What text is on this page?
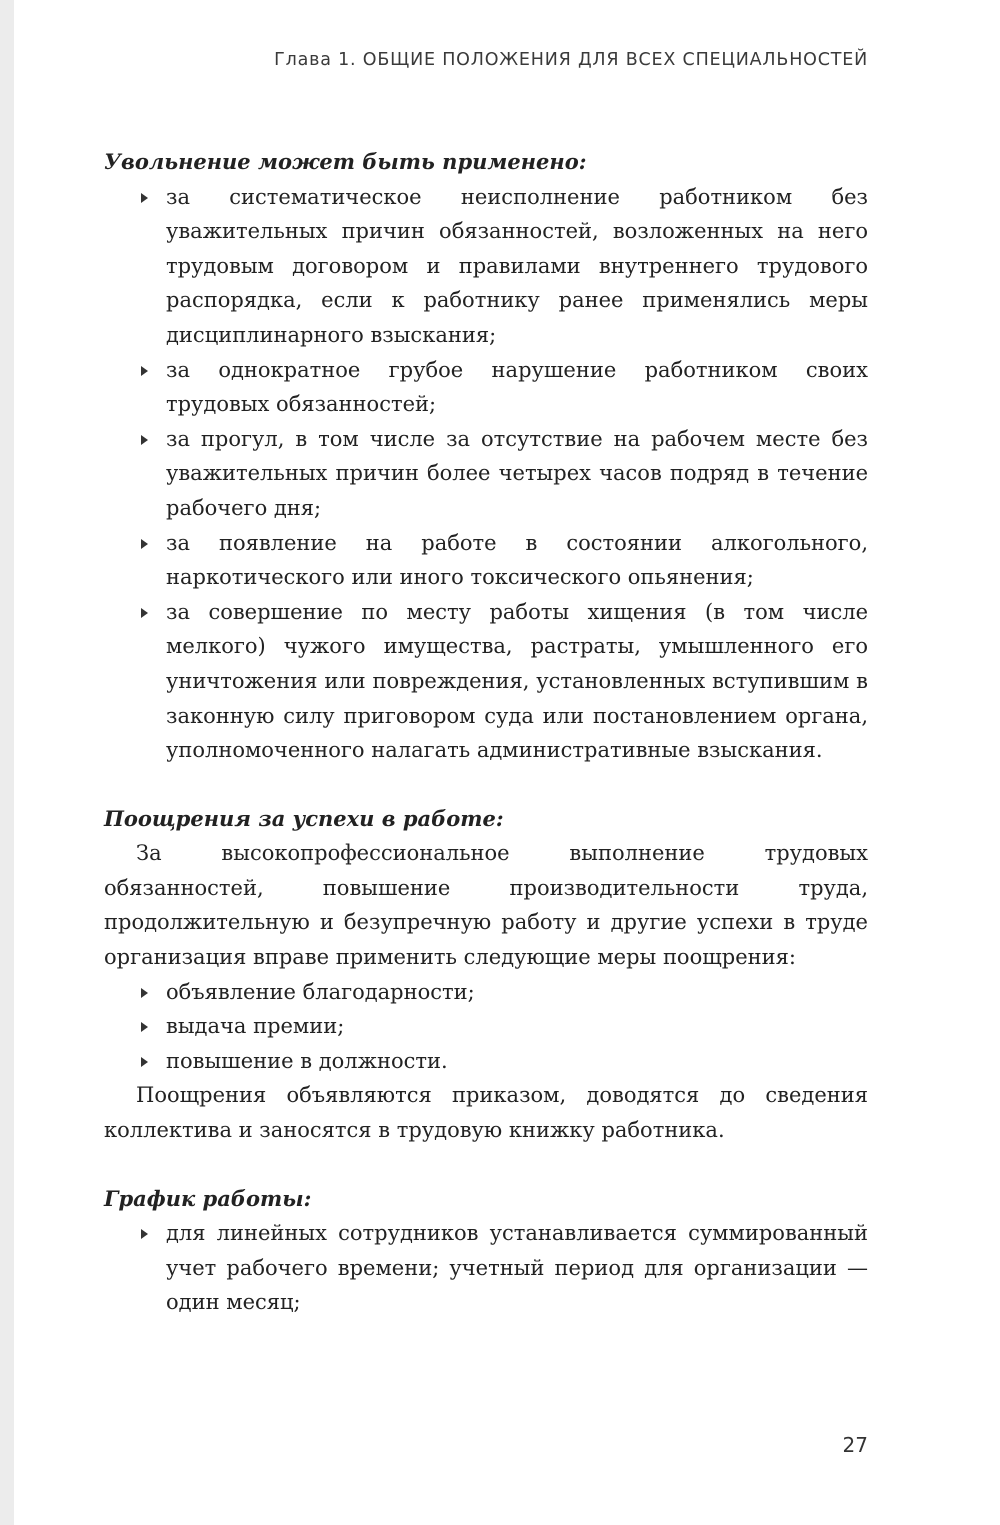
Глава 1. ОБЩИЕ ПОЛОЖЕНИЯ ДЛЯ ВСЕХ СПЕЦИАЛЬНОСТЕЙ

Увольнение может быть применено:

за систематическое неисполнение работником без уважительных причин обязанностей, возложенных на него трудовым договором и правилами внутреннего трудового распорядка, если к работнику ранее применялись меры дисциплинарного взыскания;
за однократное грубое нарушение работником своих трудовых обязанностей;
за прогул, в том числе за отсутствие на рабочем месте без уважительных причин более четырех часов подряд в течение рабочего дня;
за появление на работе в состоянии алкогольного, наркотического или иного токсического опьянения;
за совершение по месту работы хищения (в том числе мелкого) чужого имущества, растраты, умышленного его уничтожения или повреждения, установленных вступившим в законную силу приговором суда или постановлением органа, уполномоченного налагать административные взыскания.

Поощрения за успехи в работе:

За высокопрофессиональное выполнение трудовых обязанностей, повышение производительности труда, продолжительную и безупречную работу и другие успехи в труде организация вправе применить следующие меры поощрения:

объявление благодарности;
выдача премии;
повышение в должности.

Поощрения объявляются приказом, доводятся до сведения коллектива и заносятся в трудовую книжку работника.

График работы:

для линейных сотрудников устанавливается суммированный учет рабочего времени; учетный период для организации — один месяц;
27
